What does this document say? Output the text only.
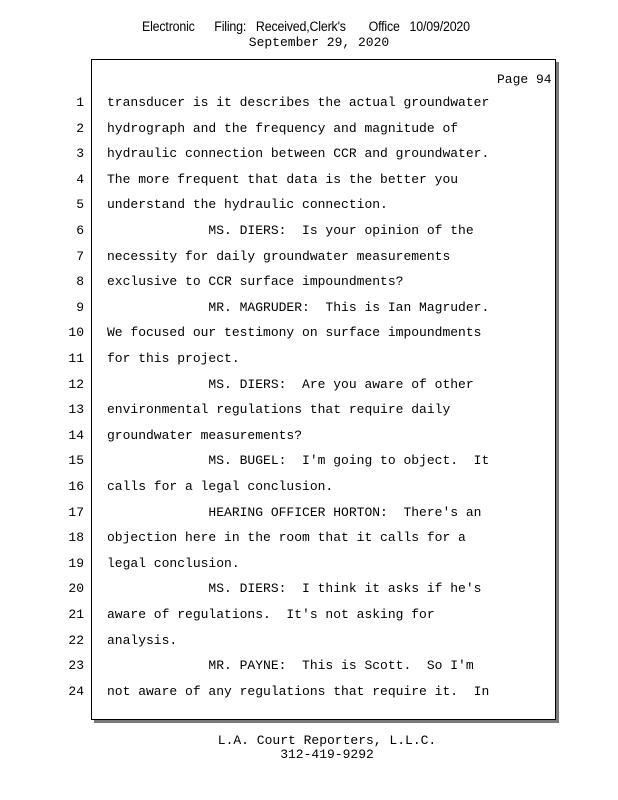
Electronic      Filing:   Received,Clerk's       Office   10/09/2020
September 29, 2020
Page 94
1 transducer is it describes the actual groundwater
2 hydrograph and the frequency and magnitude of
3 hydraulic connection between CCR and groundwater.
4 The more frequent that data is the better you
5 understand the hydraulic connection.
6 MS. DIERS:  Is your opinion of the
7 necessity for daily groundwater measurements
8 exclusive to CCR surface impoundments?
9 MR. MAGRUDER:  This is Ian Magruder.
10 We focused our testimony on surface impoundments
11 for this project.
12 MS. DIERS:  Are you aware of other
13 environmental regulations that require daily
14 groundwater measurements?
15 MS. BUGEL:  I'm going to object.  It
16 calls for a legal conclusion.
17 HEARING OFFICER HORTON:  There's an
18 objection here in the room that it calls for a
19 legal conclusion.
20 MS. DIERS:  I think it asks if he's
21 aware of regulations.  It's not asking for
22 analysis.
23 MR. PAYNE:  This is Scott.  So I'm
24 not aware of any regulations that require it.  In
L.A. Court Reporters, L.L.C.
312-419-9292
